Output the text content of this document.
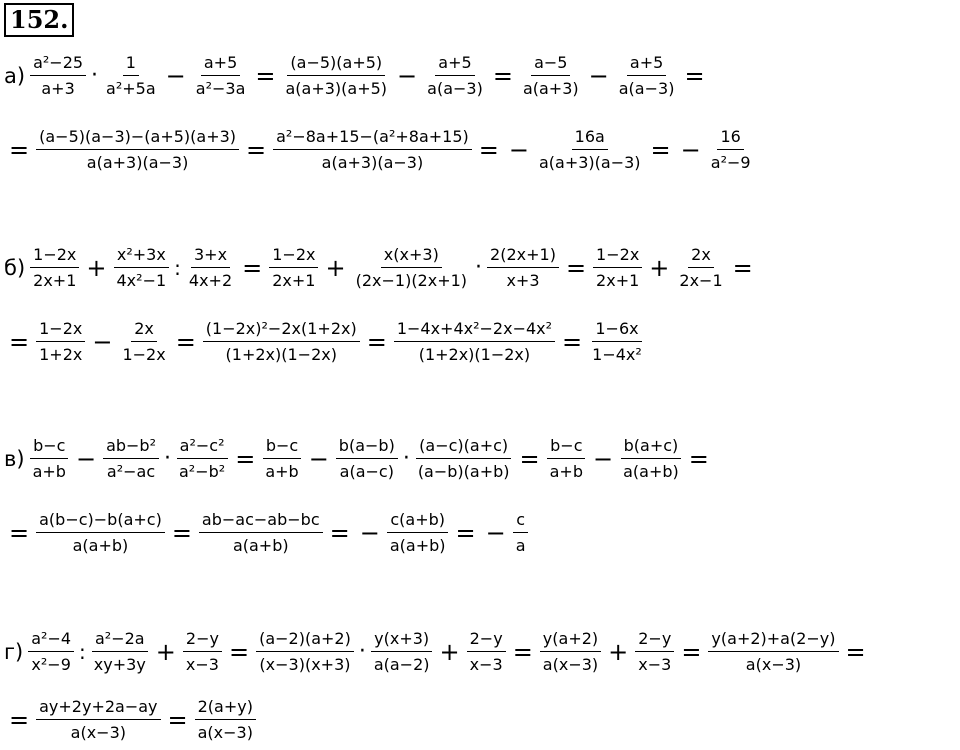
152.
$а) \frac{\text{a²−25}}{a+3} \cdot \frac{1}{\text{a²+5a}} - \frac{a+5}{\text{a²−3a}} = \frac{(a-5)(a+5)}{a(a+3)(a+5)} - \frac{a+5}{a(a-3)} = \frac{a-5}{a(a+3)} - \frac{a+5}{a(a-3)}$ =
= $\frac{(a-5)(a-3)-(a+5)(a+3)}{a(a+3)(a-3)} = \frac{\text{a²−8a+15−(a²+8a+15)}}{a(a+3)(a-3)}$ = − $\frac{16a}{a(a+3)(a-3)}$ = − $\frac{16}{\text{a²−9}}$
$б) \frac{1-2x}{2x+1} + \frac{\text{x²+3x}}{\text{4x²−1}}$ : $\frac{3+x}{4x+2} = \frac{1-2x}{2x+1} + \frac{x(x+3)}{(2x-1)(2x+1)} \cdot \frac{2(2x+1)}{x+3} = \frac{1-2x}{2x+1} + \frac{2x}{2x-1}$ =
= $\frac{1-2x}{1+2x} - \frac{2x}{1-2x} = \frac{\text{(1−2x)²−2x(1+2x)}}{(1+2x)(1-2x)} = \frac{\text{1−4x+4x²−2x−4x²}}{(1+2x)(1-2x)} = \frac{1-6x}{\text{1−4x²}}$
$в) \frac{b-c}{a+b} - \frac{\text{ab−b²}}{\text{a²−ac}} \cdot \frac{\text{a²−c²}}{\text{a²−b²}} = \frac{b-c}{a+b} - \frac{b(a-b)}{a(a-c)} \cdot \frac{(a-c)(a+c)}{(a-b)(a+b)} = \frac{b-c}{a+b} - \frac{b(a+c)}{a(a+b)}$ =
= $\frac{a(b-c)-b(a+c)}{a(a+b)} = \frac{ab-ac-ab-bc}{a(a+b)}$ = − $\frac{c(a+b)}{a(a+b)}$ = − $\frac{c}{a}$
$г) \frac{\text{a²−4}}{\text{x²−9}}$ : $\frac{\text{a²−2a}}{xy+3y} + \frac{2-y}{x-3} = \frac{(a-2)(a+2)}{(x-3)(x+3)} \cdot \frac{y(x+3)}{a(a-2)} + \frac{2-y}{x-3} = \frac{y(a+2)}{a(x-3)} + \frac{2-y}{x-3} = \frac{y(a+2)+a(2-y)}{a(x-3)}$ =
= $\frac{ay+2y+2a-ay}{a(x-3)} = \frac{2(a+y)}{a(x-3)}$
